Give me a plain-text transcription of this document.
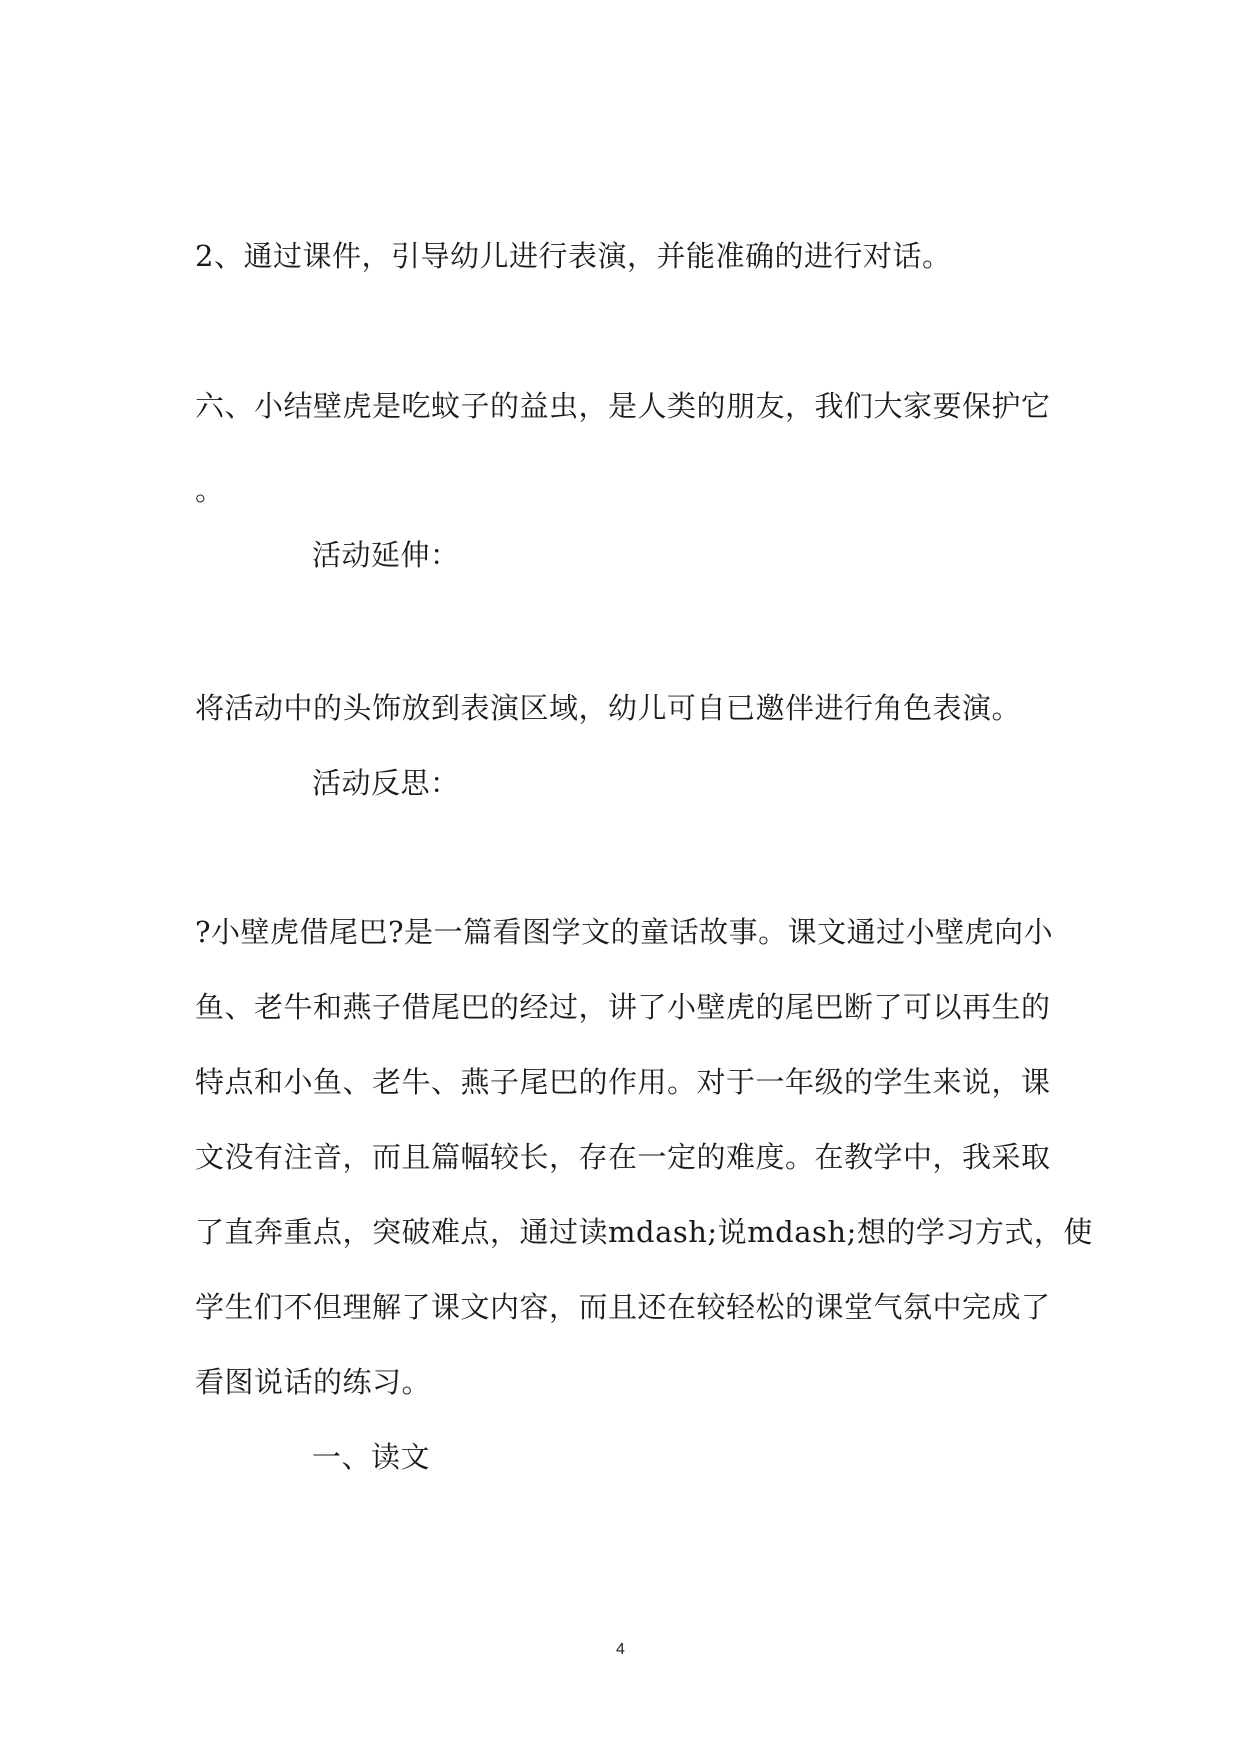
2、通过课件，引导幼儿进行表演，并能准确的进行对话。

六、小结壁虎是吃蚊子的益虫，是人类的朋友，我们大家要保护它

。

活动延伸：

将活动中的头饰放到表演区域，幼儿可自已邀伴进行角色表演。

活动反思：

?小壁虎借尾巴?是一篇看图学文的童话故事。课文通过小壁虎向小

鱼、老牛和燕子借尾巴的经过，讲了小壁虎的尾巴断了可以再生的

特点和小鱼、老牛、燕子尾巴的作用。对于一年级的学生来说，课

文没有注音，而且篇幅较长，存在一定的难度。在教学中，我采取

了直奔重点，突破难点，通过读mdash;说mdash;想的学习方式，使

学生们不但理解了课文内容，而且还在较轻松的课堂气氛中完成了

看图说话的练习。

一、读文

4
